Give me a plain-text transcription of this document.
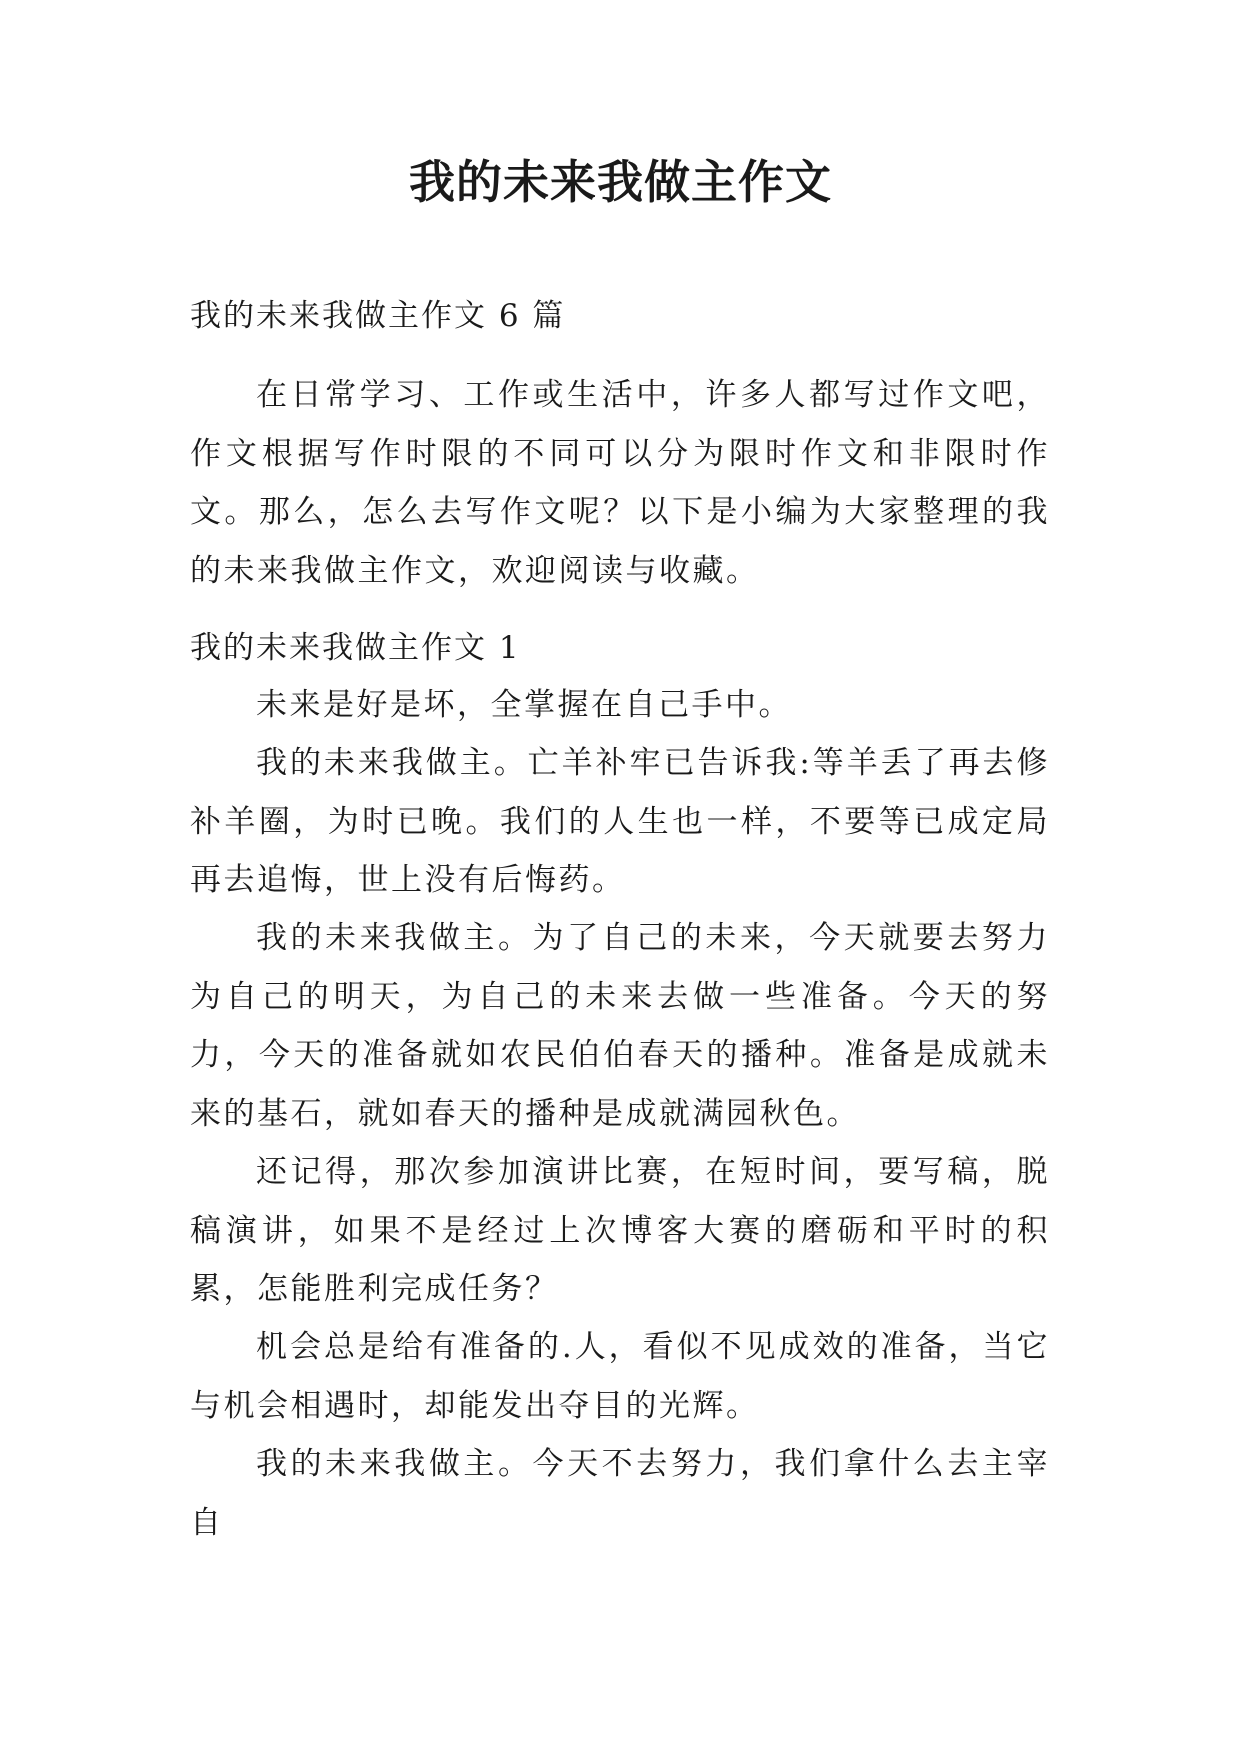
我的未来我做主作文
我的未来我做主作文 6 篇
在日常学习、工作或生活中，许多人都写过作文吧，作文根据写作时限的不同可以分为限时作文和非限时作文。那么，怎么去写作文呢？以下是小编为大家整理的我的未来我做主作文，欢迎阅读与收藏。
我的未来我做主作文 1
未来是好是坏，全掌握在自己手中。
我的未来我做主。亡羊补牢已告诉我:等羊丢了再去修补羊圈，为时已晚。我们的人生也一样，不要等已成定局再去追悔，世上没有后悔药。
我的未来我做主。为了自己的未来，今天就要去努力为自己的明天，为自己的未来去做一些准备。今天的努力，今天的准备就如农民伯伯春天的播种。准备是成就未来的基石，就如春天的播种是成就满园秋色。
还记得，那次参加演讲比赛，在短时间，要写稿，脱稿演讲，如果不是经过上次博客大赛的磨砺和平时的积累，怎能胜利完成任务？
机会总是给有准备的.人，看似不见成效的准备，当它与机会相遇时，却能发出夺目的光辉。
我的未来我做主。今天不去努力，我们拿什么去主宰自
